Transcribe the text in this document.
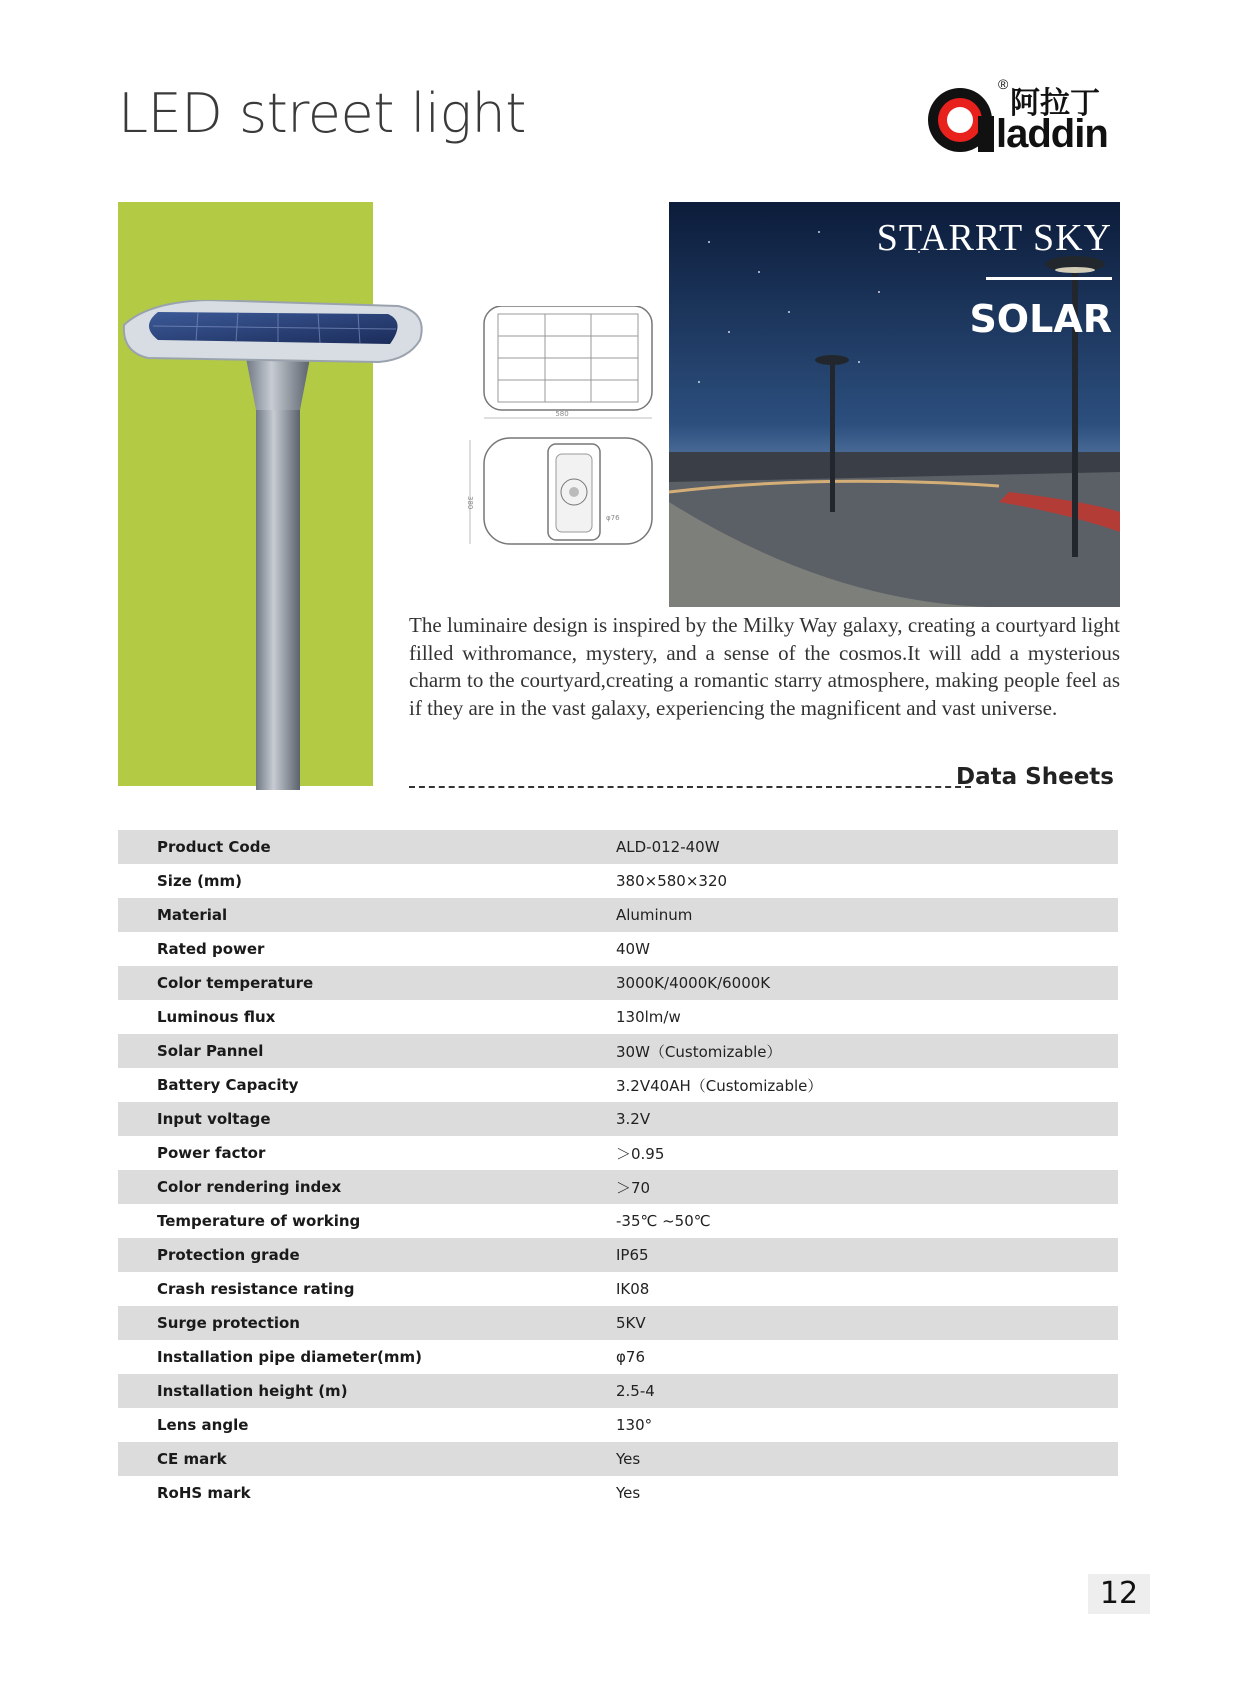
LED street light	®
阿拉丁
laddin
580
380
φ76
STARRT SKY
SOLAR
The luminaire design is inspired by the Milky Way galaxy, creating a courtyard light filled withromance, mystery, and a sense of the cosmos.It will add a mysterious charm to the courtyard,creating a romantic starry atmosphere, making people feel as if they are in the vast galaxy, experiencing the magnificent and vast universe.
Data Sheets
Product Code	ALD-012-40W
Size (mm)	380×580×320
Material	Aluminum
Rated power	40W
Color temperature	3000K/4000K/6000K
Luminous flux	130lm/w
Solar Pannel	30W（Customizable）
Battery Capacity	3.2V40AH（Customizable）
Input voltage	3.2V
Power factor	＞0.95
Color rendering index	＞70
Temperature of working	-35℃ ~50℃
Protection grade	IP65
Crash resistance rating	IK08
Surge protection	5KV
Installation pipe diameter(mm)	φ76
Installation height (m)	2.5-4
Lens angle	130°
CE mark	Yes
RoHS mark	Yes
12
